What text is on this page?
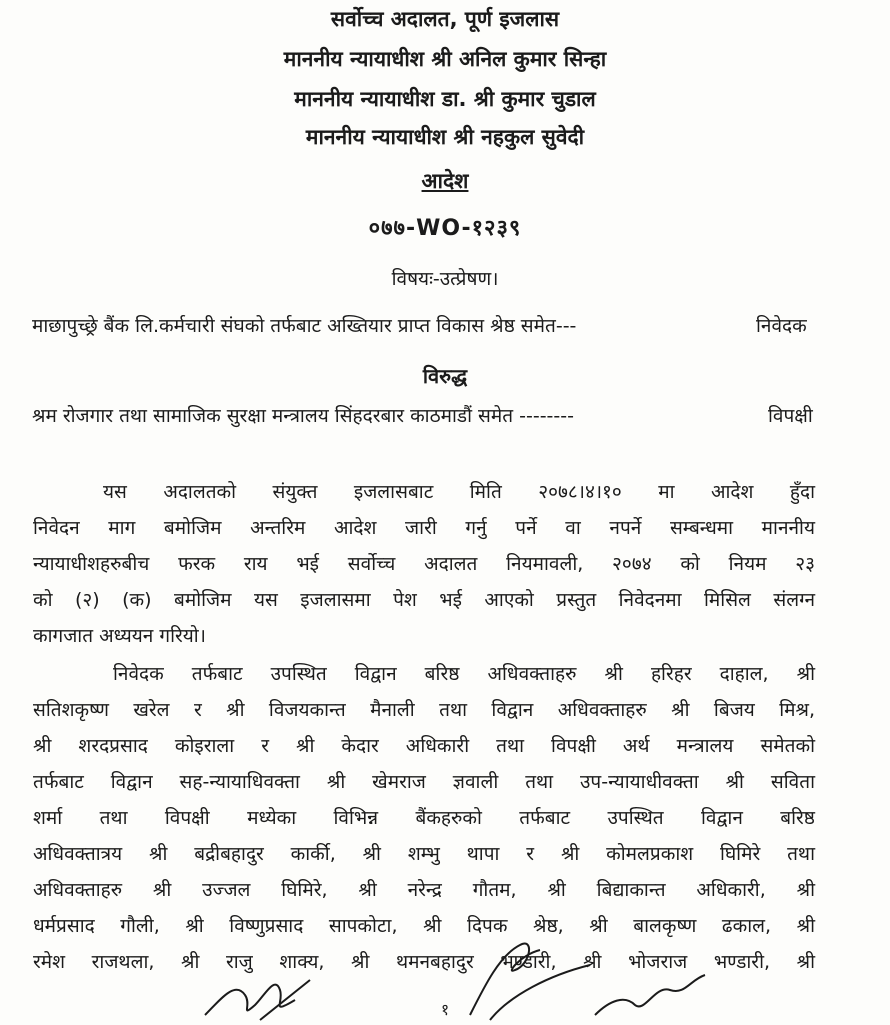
सर्वोच्च अदालत, पूर्ण इजलास
माननीय न्यायाधीश श्री अनिल कुमार सिन्हा
माननीय न्यायाधीश डा. श्री कुमार चुडाल
माननीय न्यायाधीश श्री नहकुल सुवेदी
आदेश
०७७-WO-१२३९
विषयः-उत्प्रेषण।
माछापुच्छ्रे बैंक लि.कर्मचारी संघको तर्फबाट अख्तियार प्राप्त विकास श्रेष्ठ समेत---	निवेदक
विरुद्ध
श्रम रोजगार तथा सामाजिक सुरक्षा मन्त्रालय सिंहदरबार काठमाडौं समेत --------	विपक्षी
यस अदालतको संयुक्त इजलासबाट मिति २०७८।४।१० मा आदेश हुँदा
निवेदन माग बमोजिम अन्तरिम आदेश जारी गर्नु पर्ने वा नपर्ने सम्बन्धमा माननीय
न्यायाधीशहरुबीच फरक राय भई सर्वोच्च अदालत नियमावली, २०७४ को नियम २३
को (२) (क) बमोजिम यस इजलासमा पेश भई आएको प्रस्तुत निवेदनमा मिसिल संलग्न
कागजात अध्ययन गरियो।
निवेदक तर्फबाट उपस्थित विद्वान बरिष्ठ अधिवक्ताहरु श्री हरिहर दाहाल, श्री
सतिशकृष्ण खरेल र श्री विजयकान्त मैनाली तथा विद्वान अधिवक्ताहरु श्री बिजय मिश्र,
श्री शरदप्रसाद कोइराला र श्री केदार अधिकारी तथा विपक्षी अर्थ मन्त्रालय समेतको
तर्फबाट विद्वान सह-न्यायाधिवक्ता श्री खेमराज ज्ञवाली तथा उप-न्यायाधीवक्ता श्री सविता
शर्मा तथा विपक्षी मध्येका विभिन्न बैंकहरुको तर्फबाट उपस्थित विद्वान बरिष्ठ
अधिवक्तात्रय श्री बद्रीबहादुर कार्की, श्री शम्भु थापा र श्री कोमलप्रकाश घिमिरे तथा
अधिवक्ताहरु श्री उज्जल घिमिरे, श्री नरेन्द्र गौतम, श्री बिद्याकान्त अधिकारी, श्री
धर्मप्रसाद गौली, श्री विष्णुप्रसाद सापकोटा, श्री दिपक श्रेष्ठ, श्री बालकृष्ण ढकाल, श्री
रमेश राजथला, श्री राजु शाक्य, श्री थमनबहादुर भण्डारी, श्री भोजराज भण्डारी, श्री
१
